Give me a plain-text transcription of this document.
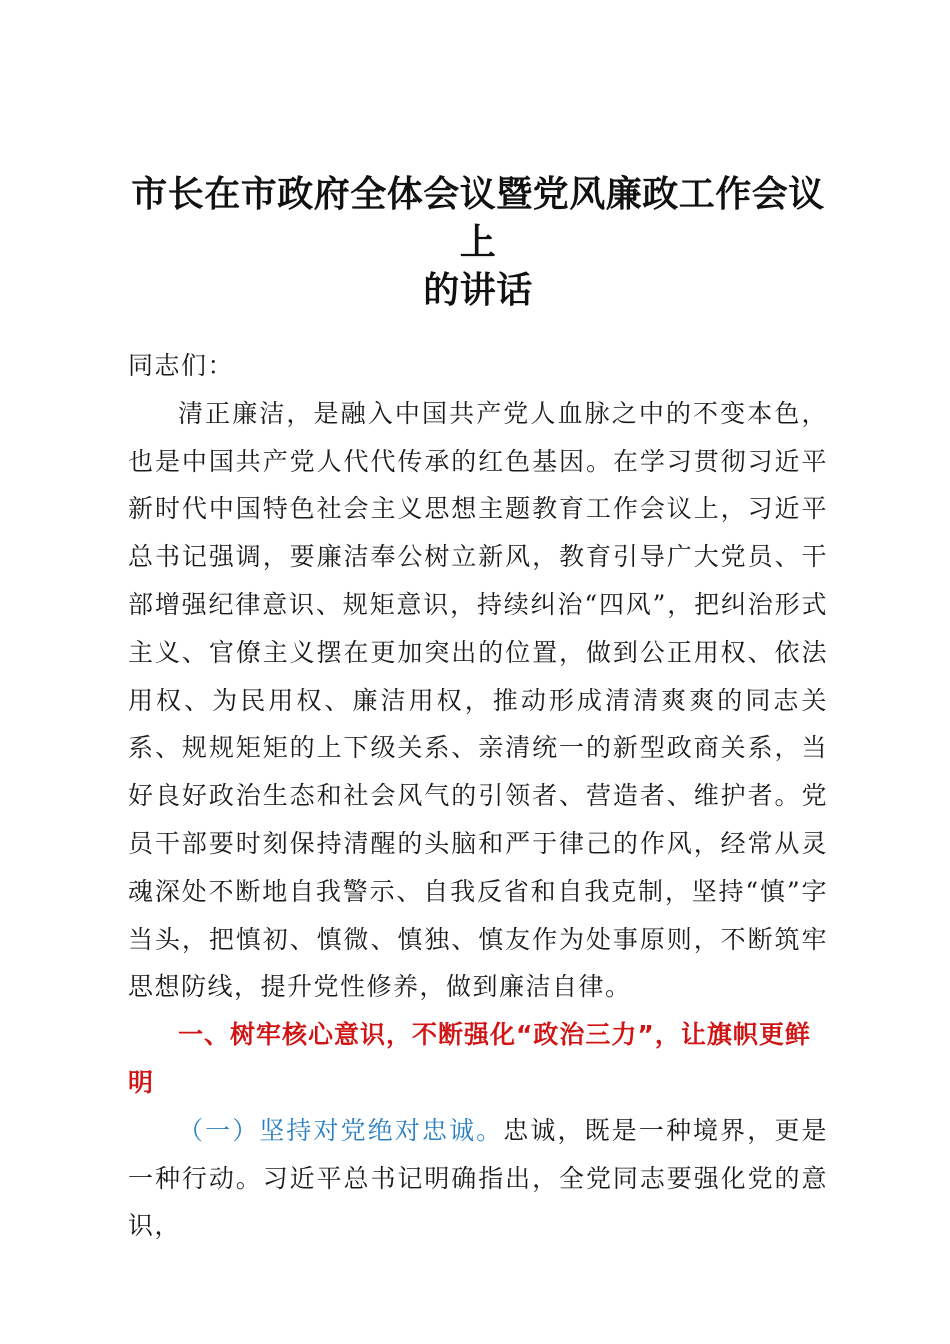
市长在市政府全体会议暨党风廉政工作会议上
的讲话

同志们：

清正廉洁，是融入中国共产党人血脉之中的不变本色，也是中国共产党人代代传承的红色基因。在学习贯彻习近平新时代中国特色社会主义思想主题教育工作会议上，习近平总书记强调，要廉洁奉公树立新风，教育引导广大党员、干部增强纪律意识、规矩意识，持续纠治“四风”，把纠治形式主义、官僚主义摆在更加突出的位置，做到公正用权、依法用权、为民用权、廉洁用权，推动形成清清爽爽的同志关系、规规矩矩的上下级关系、亲清统一的新型政商关系，当好良好政治生态和社会风气的引领者、营造者、维护者。党员干部要时刻保持清醒的头脑和严于律己的作风，经常从灵魂深处不断地自我警示、自我反省和自我克制，坚持“慎”字当头，把慎初、慎微、慎独、慎友作为处事原则，不断筑牢思想防线，提升党性修养，做到廉洁自律。

一、树牢核心意识，不断强化“政治三力”，让旗帜更鲜明

（一）坚持对党绝对忠诚。忠诚，既是一种境界，更是一种行动。习近平总书记明确指出，全党同志要强化党的意识，
